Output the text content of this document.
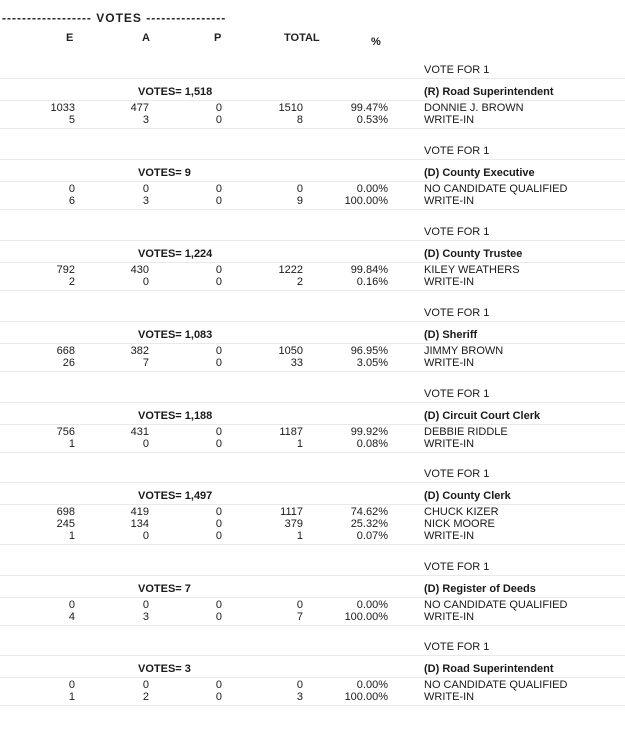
------------------ VOTES ----------------
E	A	P	TOTAL	%
VOTE FOR 1
VOTES= 1,518	(R) Road Superintendent
1033	477	0	1510	99.47%	DONNIE J. BROWN
5	3	0	8	0.53%	WRITE-IN
VOTE FOR 1
VOTES= 9	(D) County Executive
0	0	0	0	0.00%	NO CANDIDATE QUALIFIED
6	3	0	9	100.00%	WRITE-IN
VOTE FOR 1
VOTES= 1,224	(D) County Trustee
792	430	0	1222	99.84%	KILEY WEATHERS
2	0	0	2	0.16%	WRITE-IN
VOTE FOR 1
VOTES= 1,083	(D) Sheriff
668	382	0	1050	96.95%	JIMMY BROWN
26	7	0	33	3.05%	WRITE-IN
VOTE FOR 1
VOTES= 1,188	(D) Circuit Court Clerk
756	431	0	1187	99.92%	DEBBIE RIDDLE
1	0	0	1	0.08%	WRITE-IN
VOTE FOR 1
VOTES= 1,497	(D) County Clerk
698	419	0	1117	74.62%	CHUCK KIZER
245	134	0	379	25.32%	NICK MOORE
1	0	0	1	0.07%	WRITE-IN
VOTE FOR 1
VOTES= 7	(D) Register of Deeds
0	0	0	0	0.00%	NO CANDIDATE QUALIFIED
4	3	0	7	100.00%	WRITE-IN
VOTE FOR 1
VOTES= 3	(D) Road Superintendent
0	0	0	0	0.00%	NO CANDIDATE QUALIFIED
1	2	0	3	100.00%	WRITE-IN
